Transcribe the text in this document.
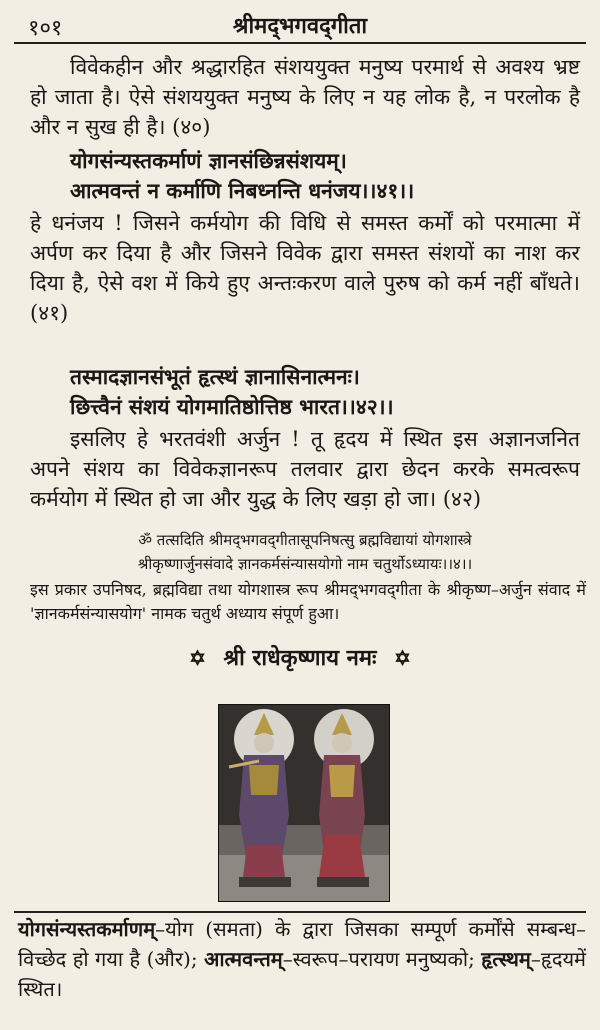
१०१	श्रीमद्‍भगवद्‍गीता
विवेकहीन और श्रद्धारहित संशययुक्त मनुष्य परमार्थ से अवश्य भ्रष्ट हो जाता है। ऐसे संशययुक्त मनुष्य के लिए न यह लोक है, न परलोक है और न सुख ही है। (४०)
योगसंन्यस्तकर्माणं ज्ञानसंछिन्नसंशयम्।
आत्मवन्तं न कर्माणि निबध्नन्ति धनंजय।।४१।।
हे धनंजय ! जिसने कर्मयोग की विधि से समस्त कर्मों को परमात्मा में अर्पण कर दिया है और जिसने विवेक द्वारा समस्त संशयों का नाश कर दिया है, ऐसे वश में किये हुए अन्तःकरण वाले पुरुष को कर्म नहीं बाँधते। (४१)
तस्मादज्ञानसंभूतं हृत्स्थं ज्ञानासिनात्मनः।
छित्त्वैनं संशयं योगमातिष्ठोत्तिष्ठ भारत।।४२।।
इसलिए हे भरतवंशी अर्जुन ! तू हृदय में स्थित इस अज्ञानजनित अपने संशय का विवेकज्ञानरूप तलवार द्वारा छेदन करके समत्वरूप कर्मयोग में स्थित हो जा और युद्ध के लिए खड़ा हो जा। (४२)
ॐ तत्सदिति श्रीमद्‍भगवद्‍गीतासूपनिषत्सु ब्रह्मविद्यायां योगशास्त्रे
श्रीकृष्णार्जुनसंवादे ज्ञानकर्मसंन्यासयोगो नाम चतुर्थोऽध्यायः।।४।।
इस प्रकार उपनिषद, ब्रह्मविद्या तथा योगशास्त्र रूप श्रीमद्‍भगवद्‍गीता के श्रीकृष्ण–अर्जुन संवाद में 'ज्ञानकर्मसंन्यासयोग' नामक चतुर्थ अध्याय संपूर्ण हुआ।
✡ श्री राधेकृष्णाय नमः ✡
योगसंन्यस्तकर्माणम्–योग (समता) के द्वारा जिसका सम्पूर्ण कर्मोंसे सम्बन्ध–विच्छेद हो गया है (और); आत्मवन्तम्–स्वरूप–परायण मनुष्यको; हृत्स्थम्–हृदयमें स्थित।
